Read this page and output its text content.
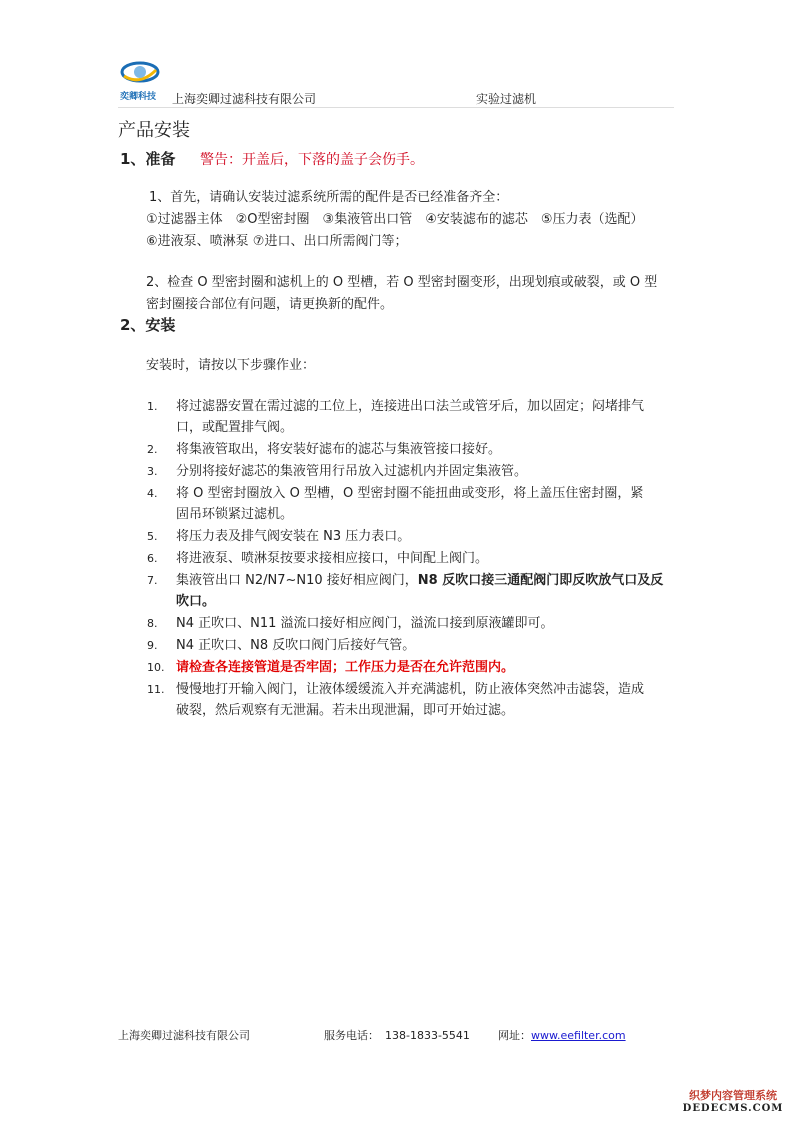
奕卿科技 上海奕卿过滤科技有限公司	实验过滤机
产品安装
1、准备 警告：开盖后，下落的盖子会伤手。
1、首先，请确认安装过滤系统所需的配件是否已经准备齐全：
①过滤器主体　②O型密封圈　③集液管出口管　④安装滤布的滤芯　⑤压力表（选配）
⑥进液泵、喷淋泵 ⑦进口、出口所需阀门等；
2、检查 O 型密封圈和滤机上的 O 型槽，若 O 型密封圈变形，出现划痕或破裂，或 O 型
密封圈接合部位有问题，请更换新的配件。
2、安装
安装时，请按以下步骤作业：
1. 将过滤器安置在需过滤的工位上，连接进出口法兰或管牙后，加以固定；闷堵排气
口，或配置排气阀。
2. 将集液管取出，将安装好滤布的滤芯与集液管接口接好。
3. 分别将接好滤芯的集液管用行吊放入过滤机内并固定集液管。
4. 将 O 型密封圈放入 O 型槽，O 型密封圈不能扭曲或变形，将上盖压住密封圈，紧
固吊环锁紧过滤机。
5. 将压力表及排气阀安装在 N3 压力表口。
6. 将进液泵、喷淋泵按要求接相应接口，中间配上阀门。
7. 集液管出口 N2/N7~N10 接好相应阀门，N8 反吹口接三通配阀门即反吹放气口及反
吹口。
8. N4 正吹口、N11 溢流口接好相应阀门，溢流口接到原液罐即可。
9. N4 正吹口、N8 反吹口阀门后接好气管。
10. 请检查各连接管道是否牢固；工作压力是否在允许范围内。
11. 慢慢地打开输入阀门，让液体缓缓流入并充满滤机，防止液体突然冲击滤袋，造成
破裂，然后观察有无泄漏。若未出现泄漏，即可开始过滤。
上海奕卿过滤科技有限公司	服务电话： 138-1833-5541	网址：www.eefilter.com
织梦内容管理系统
DEDECMS.COM
